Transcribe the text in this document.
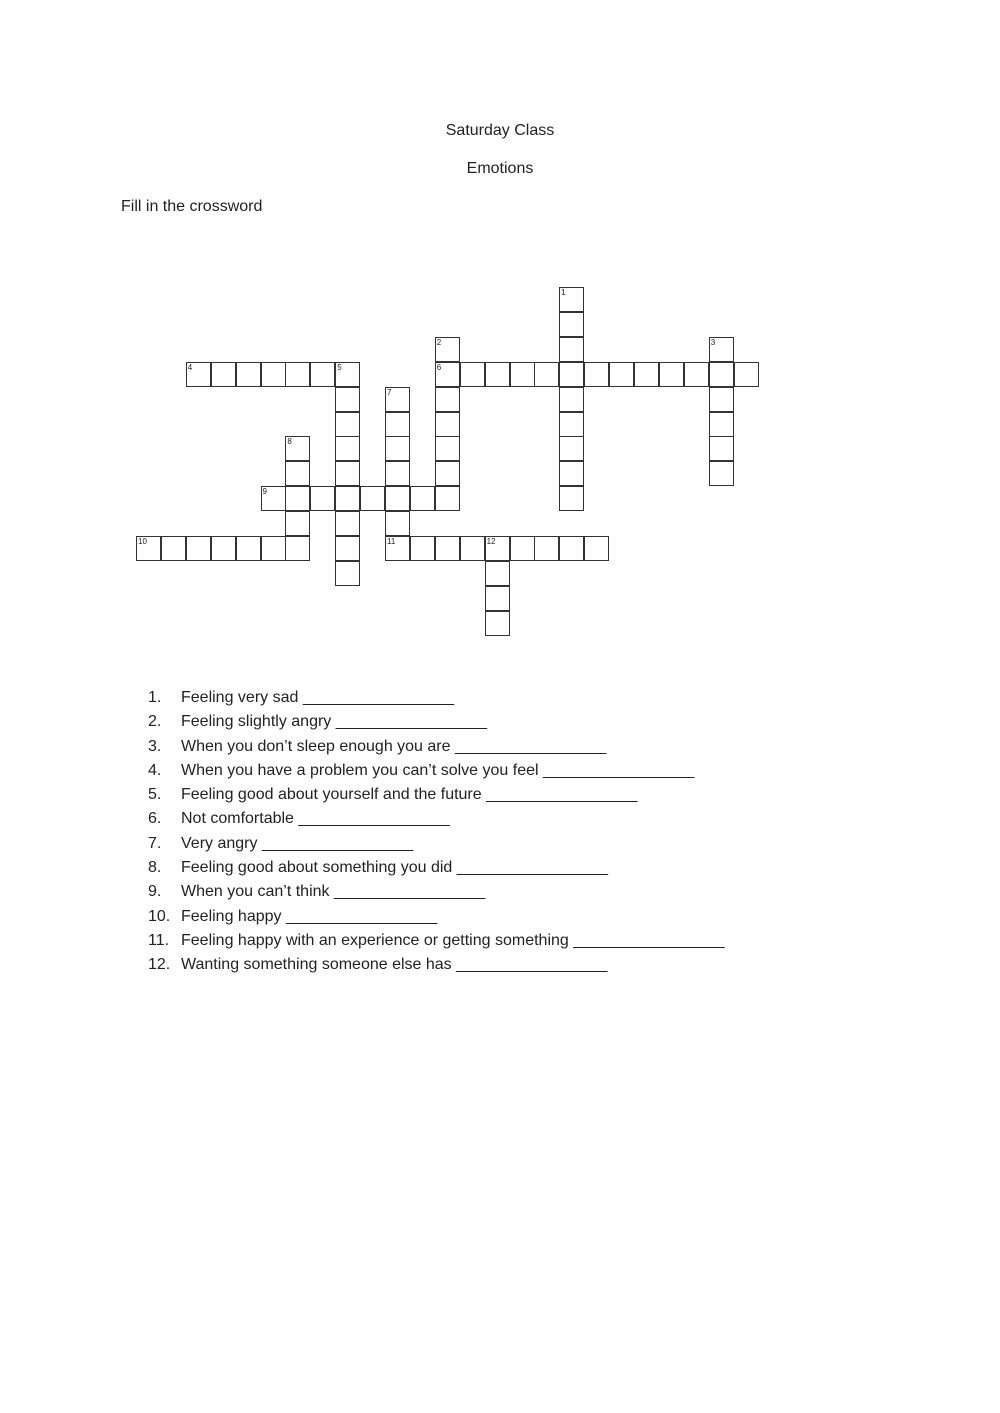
Saturday Class
Emotions
Fill in the crossword
1
2
6
3
4	5
7
11
8
9
10	12
1. Feeling very sad _________________
2. Feeling slightly angry _________________
3. When you don’t sleep enough you are _________________
4. When you have a problem you can’t solve you feel _________________
5. Feeling good about yourself and the future _________________
6. Not comfortable _________________
7. Very angry _________________
8. Feeling good about something you did _________________
9. When you can’t think _________________
10. Feeling happy _________________
11. Feeling happy with an experience or getting something _________________
12. Wanting something someone else has _________________
